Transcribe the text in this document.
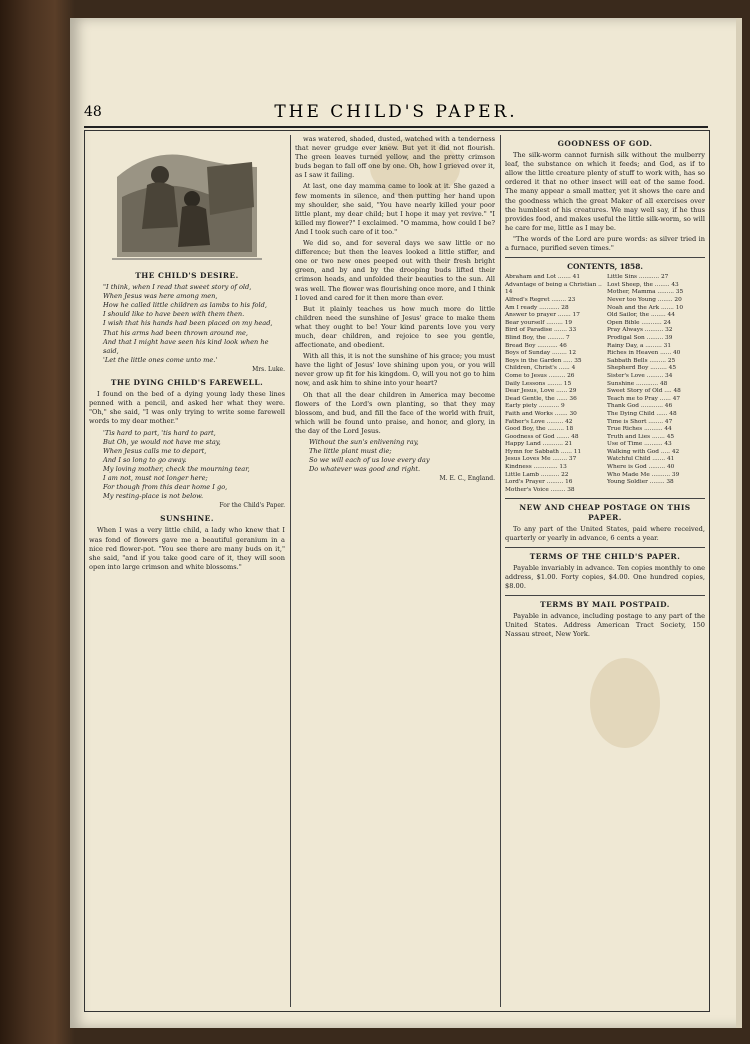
48	THE CHILD'S PAPER.
THE CHILD'S DESIRE.
"I think, when I read that sweet story of old,
When Jesus was here among men,
How he called little children as lambs to his fold,
I should like to have been with them then.
I wish that his hands had been placed on my head,
That his arms had been thrown around me,
And that I might have seen his kind look when he said,
'Let the little ones come unto me.'
Mrs. Luke.
THE DYING CHILD'S FAREWELL.

I found on the bed of a dying young lady these lines penned with a pencil, and asked her what they were. "Oh," she said, "I was only trying to write some farewell words to my dear mother."

'Tis hard to part, 'tis hard to part,
But Oh, ye would not have me stay,
When Jesus calls me to depart,
And I so long to go away.
My loving mother, check the mourning tear,
I am not, must not longer here;
For though from this dear home I go,
My resting-place is not below.
For the Child's Paper.
SUNSHINE.

When I was a very little child, a lady who knew that I was fond of flowers gave me a beautiful geranium in a nice red flower-pot. "You see there are many buds on it," she said, "and if you take good care of it, they will soon open into large crimson and white blossoms."

was watered, shaded, dusted, watched with a tenderness that never grudge ever knew. But yet it did not flourish. The green leaves turned yellow, and the pretty crimson buds began to fall off one by one. Oh, how I grieved over it, as I saw it failing.

At last, one day mamma came to look at it. She gazed a few moments in silence, and then putting her hand upon my shoulder, she said, "You have nearly killed your poor little plant, my dear child; but I hope it may yet revive." "I killed my flower?" I exclaimed. "O mamma, how could I be? And I took such care of it too."

We did so, and for several days we saw little or no difference; but then the leaves looked a little stiffer, and one or two new ones peeped out with their fresh bright green, and by and by the drooping buds lifted their crimson heads, and unfolded their beauties to the sun. All was well. The flower was flourishing once more, and I think I loved and cared for it then more than ever.

But it plainly teaches us how much more do little children need the sunshine of Jesus' grace to make them what they ought to be! Your kind parents love you very much, dear children, and rejoice to see you gentle, affectionate, and obedient.

With all this, it is not the sunshine of his grace; you must have the light of Jesus' love shining upon you, or you will never grow up fit for his kingdom. O, will you not go to him now, and ask him to shine into your heart?

Oh that all the dear children in America may become flowers of the Lord's own planting, so that they may blossom, and bud, and fill the face of the world with fruit, which will be found unto praise, and honor, and glory, in the day of the Lord Jesus.

Without the sun's enlivening ray,
The little plant must die;
So we will each of us love every day
Do whatever was good and right.
M. E. C., England.
GOODNESS OF GOD.

The silk-worm cannot furnish silk without the mulberry leaf, the substance on which it feeds; and God, as if to allow the little creature plenty of stuff to work with, has so ordered it that no other insect will eat of the same food. The many appear a small matter, yet it shows the care and the goodness which the great Maker of all exercises over the humblest of his creatures. We may well say, if he thus provides food, and makes useful the little silk-worm, so will he care for me, little as I may be.

"The words of the Lord are pure words: as silver tried in a furnace, purified seven times."

CONTENTS, 1858.
Abraham and Lot ....... 41
Advantage of being a Christian .. 14
Alfred's Regret ........ 23
Am I ready ........... 28
Answer to prayer ....... 17
Bear yourself ......... 19
Bird of Paradise ....... 33
Blind Boy, the ......... 7
Bread Boy ........... 46
Boys of Sunday ........ 12
Boys in the Garden ..... 35
Children, Christ's ...... 4
Come to Jesus ......... 26
Daily Lessons ........ 15
Dear Jesus, Love ...... 29
Dead Gentle, the ...... 36
Early piety ........... 9
Faith and Works ....... 30
Father's Love ......... 42
Good Boy, the ......... 18
Goodness of God ....... 48
Happy Land ........... 21
Hymn for Sabbath ...... 11
Jesus Loves Me ........ 37
Kindness ............. 13
Little Lamb .......... 22
Lord's Prayer ......... 16
Mother's Voice ........ 38
Little Sins ........... 27
Lost Sheep, the ........ 43
Mother, Mamma ......... 35
Never too Young ........ 20
Noah and the Ark ....... 10
Old Sailor, the ........ 44
Open Bible ........... 24
Pray Always .......... 32
Prodigal Son ......... 39
Rainy Day, a ......... 31
Riches in Heaven ...... 40
Sabbath Bells ......... 25
Shepherd Boy ......... 45
Sister's Love ......... 34
Sunshine ............ 48
Sweet Story of Old .... 48
Teach me to Pray ...... 47
Thank God ............ 46
The Dying Child ...... 48
Time is Short ........ 47
True Riches .......... 44
Truth and Lies ....... 45
Use of Time .......... 43
Walking with God ..... 42
Watchful Child ....... 41
Where is God ......... 40
Who Made Me .......... 39
Young Soldier ........ 38
NEW AND CHEAP POSTAGE ON THIS PAPER.

To any part of the United States, paid where received, quarterly or yearly in advance, 6 cents a year.

TERMS OF THE CHILD'S PAPER.

Payable invariably in advance. Ten copies monthly to one address, $1.00. Forty copies, $4.00. One hundred copies, $8.00.

TERMS BY MAIL POSTPAID.

Payable in advance, including postage to any part of the United States. Address American Tract Society, 150 Nassau street, New York.
